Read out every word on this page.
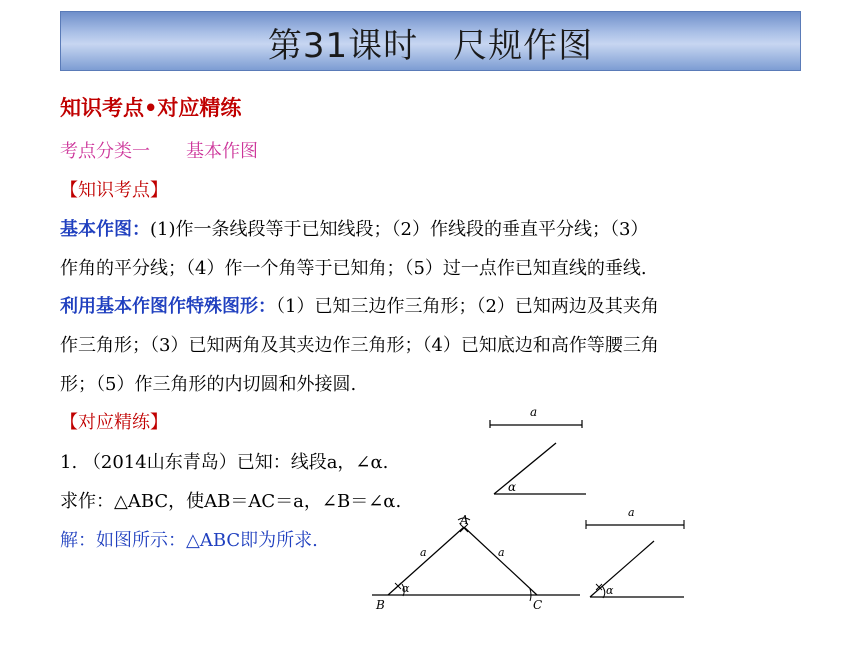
第31课时　尺规作图
知识考点•对应精练
考点分类一　　基本作图
【知识考点】
基本作图：(1)作一条线段等于已知线段；（2）作线段的垂直平分线；（3）
作角的平分线；（4）作一个角等于已知角；（5）过一点作已知直线的垂线.
利用基本作图作特殊图形：（1）已知三边作三角形；（2）已知两边及其夹角
作三角形；（3）已知两角及其夹边作三角形；（4）已知底边和高作等腰三角
形；（5）作三角形的内切圆和外接圆.
【对应精练】
1. （2014山东青岛）已知：线段a，∠α.
求作：△ABC，使AB＝AC＝a，∠B＝∠α.
解：如图所示：△ABC即为所求.
a
α
A
B	C
a	a
α
a
α
